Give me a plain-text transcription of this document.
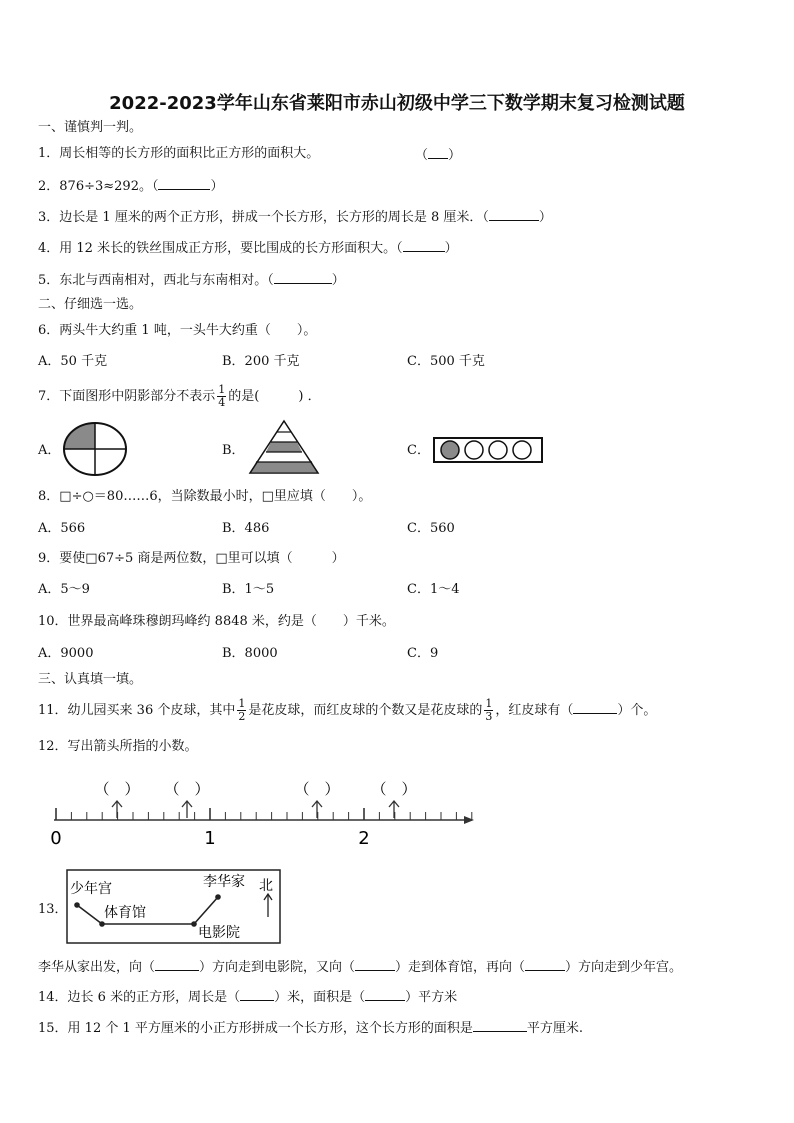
2022-2023学年山东省莱阳市赤山初级中学三下数学期末复习检测试题
一、谨慎判一判。
1．周长相等的长方形的面积比正方形的面积大。	（ ）
2．876÷3≈292。（	）
3．边长是 1 厘米的两个正方形，拼成一个长方形，长方形的周长是 8 厘米．（	）
4．用 12 米长的铁丝围成正方形，要比围成的长方形面积大。（	）
5．东北与西南相对，西北与东南相对。（	）
二、仔细选一选。
6．两头牛大约重 1 吨，一头牛大约重（　　）。
A．50 千克	B．200 千克	C．500 千克
7．下面图形中阴影部分不表示 $\frac{1}{4}$ 的是(　　　) ．
A．	B．	C．
8．□÷○＝80……6，当除数最小时，□里应填（　　）。
A．566	B．486	C．560
9．要使□67÷5 商是两位数，□里可以填（　　　）
A．5～9	B．1～5	C．1～4
10．世界最高峰珠穆朗玛峰约 8848 米，约是（　　）千米。
A．9000	B．8000	C．9
三、认真填一填。
11．幼儿园买来 36 个皮球，其中 $\frac{1}{2}$ 是花皮球，而红皮球的个数又是花皮球的 $\frac{1}{3}$ ，红皮球有（	）个。
12．写出箭头所指的小数。
0	1	2
（　） （　）	（　） （　）
13．
少年宫
体育馆
李华家
电影院
北
李华从家出发，向（	）方向走到电影院，又向（	）走到体育馆，再向（	）方向走到少年宫。
14．边长 6 米的正方形，周长是（	）米，面积是（	）平方米
15．用 12 个 1 平方厘米的小正方形拼成一个长方形，这个长方形的面积是	平方厘米.
